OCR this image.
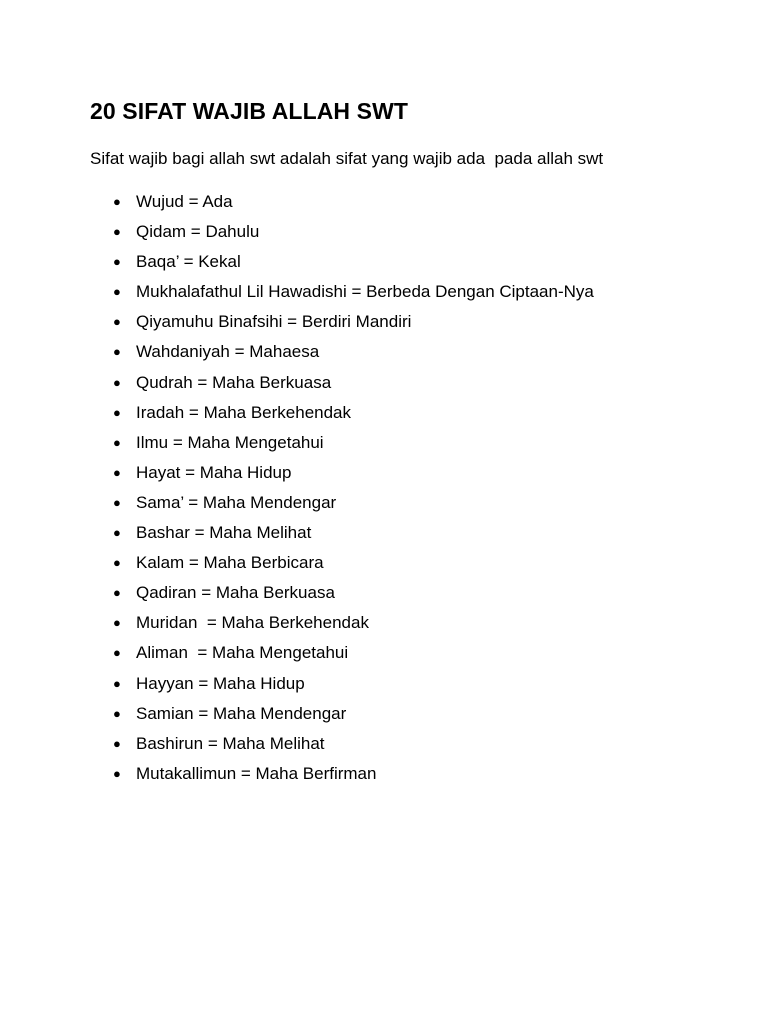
20 SIFAT WAJIB ALLAH SWT

Sifat wajib bagi allah swt adalah sifat yang wajib ada  pada allah swt

● Wujud = Ada
● Qidam = Dahulu
● Baqa’ = Kekal
● Mukhalafathul Lil Hawadishi = Berbeda Dengan Ciptaan-Nya
● Qiyamuhu Binafsihi = Berdiri Mandiri
● Wahdaniyah = Mahaesa
● Qudrah = Maha Berkuasa
● Iradah = Maha Berkehendak
● Ilmu = Maha Mengetahui
● Hayat = Maha Hidup
● Sama’ = Maha Mendengar
● Bashar = Maha Melihat
● Kalam = Maha Berbicara
● Qadiran = Maha Berkuasa
● Muridan  = Maha Berkehendak
● Aliman  = Maha Mengetahui
● Hayyan = Maha Hidup
● Samian = Maha Mendengar
● Bashirun = Maha Melihat
● Mutakallimun = Maha Berfirman
